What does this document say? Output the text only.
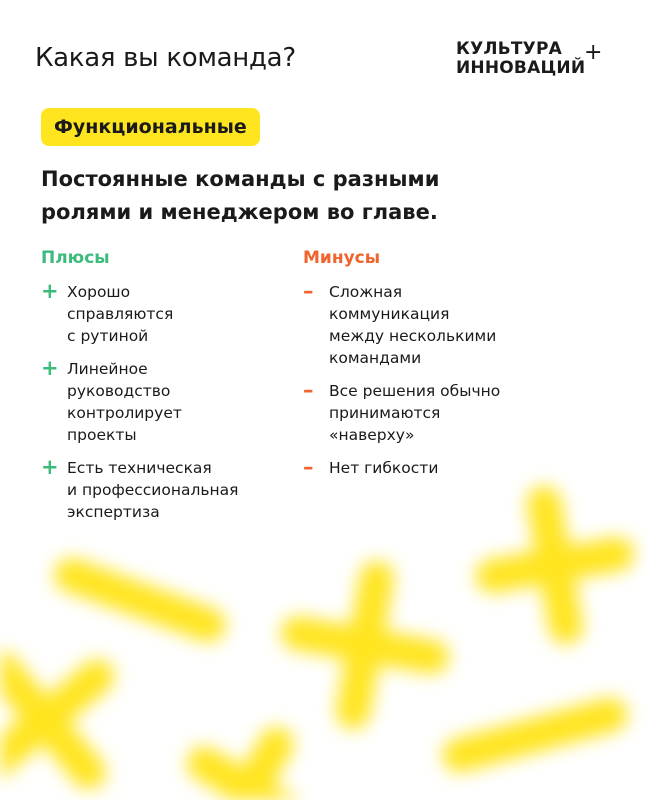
Какая вы команда?	КУЛЬТУРА
ИННОВАЦИЙ
+
Функциональные
Постоянные команды с разными
ролями и менеджером во главе.
Плюсы
+ Хорошо
справляются
с рутиной
+ Линейное
руководство
контролирует
проекты
+ Есть техническая
и профессиональная
экспертиза
Минусы
– Сложная
коммуникация
между несколькими
командами
– Все решения обычно
принимаются
«наверху»
– Нет гибкости
